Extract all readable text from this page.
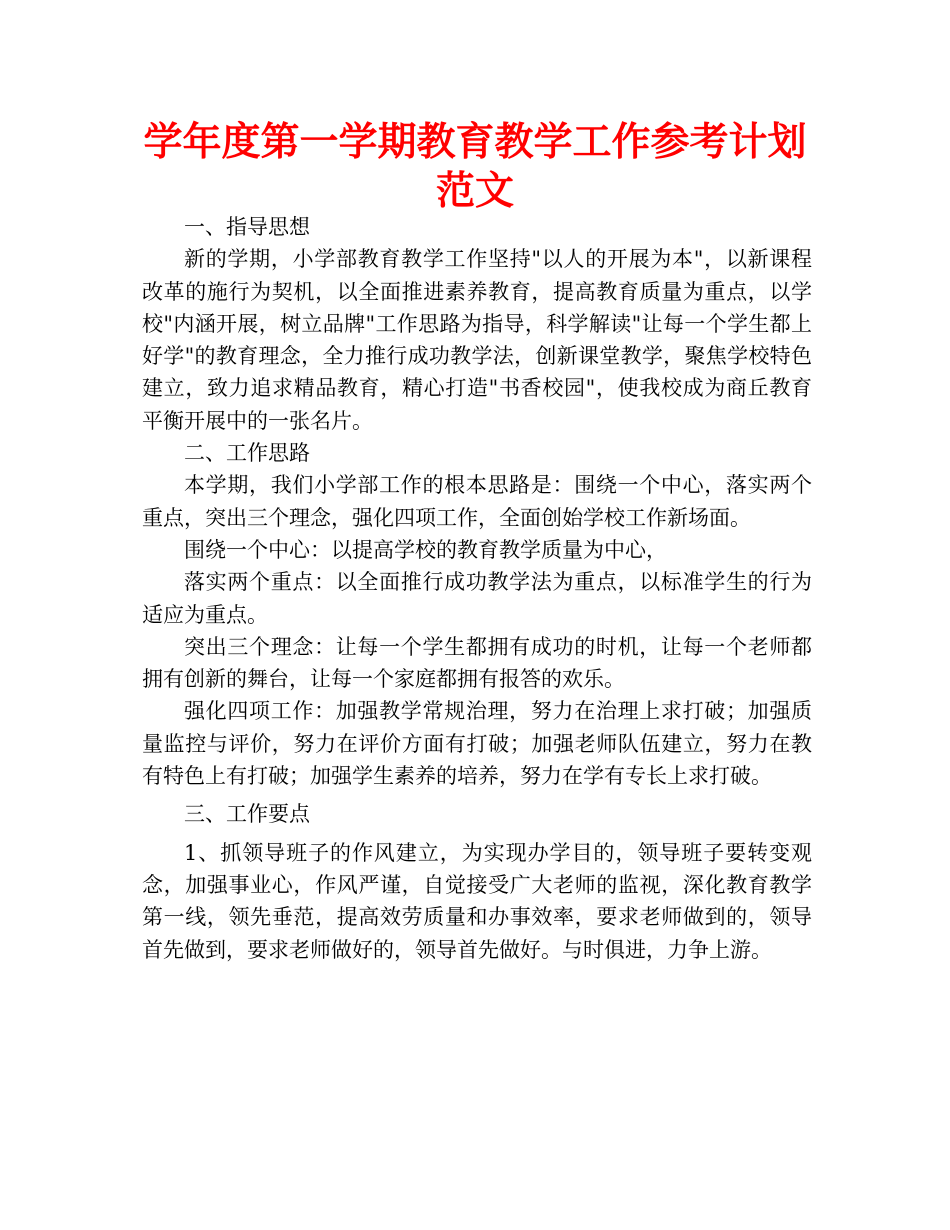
学年度第一学期教育教学工作参考计划范文

一、指导思想

新的学期，小学部教育教学工作坚持"以人的开展为本"，以新课程改革的施行为契机，以全面推进素养教育，提高教育质量为重点，以学校"内涵开展，树立品牌"工作思路为指导，科学解读"让每一个学生都上好学"的教育理念，全力推行成功教学法，创新课堂教学，聚焦学校特色建立，致力追求精品教育，精心打造"书香校园"，使我校成为商丘教育平衡开展中的一张名片。

二、工作思路

本学期，我们小学部工作的根本思路是：围绕一个中心，落实两个重点，突出三个理念，强化四项工作，全面创始学校工作新场面。

围绕一个中心：以提高学校的教育教学质量为中心，

落实两个重点：以全面推行成功教学法为重点，以标准学生的行为适应为重点。

突出三个理念：让每一个学生都拥有成功的时机，让每一个老师都拥有创新的舞台，让每一个家庭都拥有报答的欢乐。

强化四项工作：加强教学常规治理，努力在治理上求打破；加强质量监控与评价，努力在评价方面有打破；加强老师队伍建立，努力在教有特色上有打破；加强学生素养的培养，努力在学有专长上求打破。

三、工作要点

1、抓领导班子的作风建立，为实现办学目的，领导班子要转变观念，加强事业心，作风严谨，自觉接受广大老师的监视，深化教育教学第一线，领先垂范，提高效劳质量和办事效率，要求老师做到的，领导首先做到，要求老师做好的，领导首先做好。与时俱进，力争上游。
